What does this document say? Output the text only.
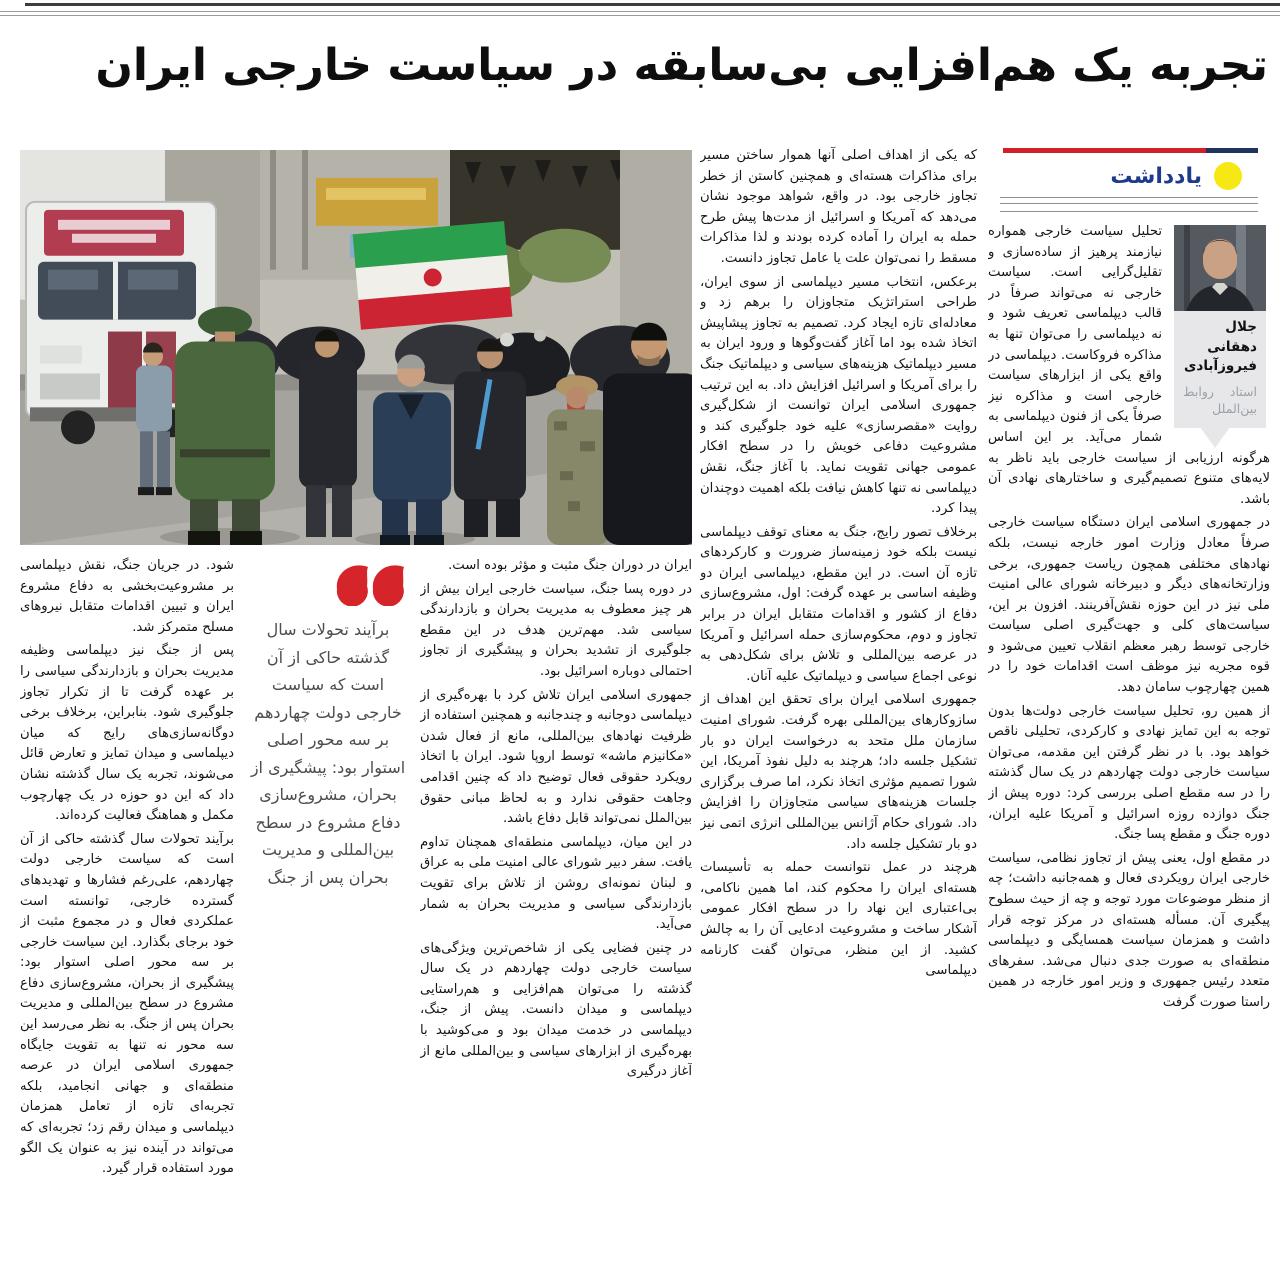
تجربه یک هم‌افزایی بی‌سابقه در سیاست خارجی ایران

که یکی از اهداف اصلی آنها هموار ساختن مسیر برای مذاکرات هسته‌ای و همچنین کاستن از خطر تجاوز خارجی بود. در واقع، شواهد موجود نشان می‌دهد که آمریکا و اسرائیل از مدت‌ها پیش طرح حمله به ایران را آماده کرده بودند و لذا مذاکرات مسقط را نمی‌توان علت یا عامل تجاوز دانست.

برعکس، انتخاب مسیر دیپلماسی از سوی ایران، طراحی استراتژیک متجاوزان را برهم زد و معادله‌ای تازه ایجاد کرد. تصمیم به تجاوز پیشاپیش اتخاذ شده بود اما آغاز گفت‌وگوها و ورود ایران به مسیر دیپلماتیک هزینه‌های سیاسی و دیپلماتیک جنگ را برای آمریکا و اسرائیل افزایش داد. به این ترتیب جمهوری اسلامی ایران توانست از شکل‌گیری روایت «مقصرسازی» علیه خود جلوگیری کند و مشروعیت دفاعی خویش را در سطح افکار عمومی جهانی تقویت نماید. با آغاز جنگ، نقش دیپلماسی نه تنها کاهش نیافت بلکه اهمیت دوچندان پیدا کرد.

برخلاف تصور رایج، جنگ به معنای توقف دیپلماسی نیست بلکه خود زمینه‌ساز ضرورت و کارکردهای تازه آن است. در این مقطع، دیپلماسی ایران دو وظیفه اساسی بر عهده گرفت: اول، مشروع‌سازی دفاع از کشور و اقدامات متقابل ایران در برابر تجاوز و دوم، محکوم‌سازی حمله اسرائیل و آمریکا در عرصه بین‌المللی و تلاش برای شکل‌دهی به نوعی اجماع سیاسی و دیپلماتیک علیه آنان.

جمهوری اسلامی ایران برای تحقق این اهداف از سازوکارهای بین‌المللی بهره گرفت. شورای امنیت سازمان ملل متحد به درخواست ایران دو بار تشکیل جلسه داد؛ هرچند به دلیل نفوذ آمریکا، این شورا تصمیم مؤثری اتخاذ نکرد، اما صرف برگزاری جلسات هزینه‌های سیاسی متجاوزان را افزایش داد. شورای حکام آژانس بین‌المللی انرژی اتمی نیز دو بار تشکیل جلسه داد.

هرچند در عمل نتوانست حمله به تأسیسات هسته‌ای ایران را محکوم کند، اما همین ناکامی، بی‌اعتباری این نهاد را در سطح افکار عمومی آشکار ساخت و مشروعیت ادعایی آن را به چالش کشید. از این منظر، می‌توان گفت کارنامه دیپلماسی

یادداشت
جلال دهقانی فیروزآبادی
استاد روابط بین‌الملل

تحلیل سیاست خارجی همواره نیازمند پرهیز از ساده‌سازی و تقلیل‌گرایی است. سیاست خارجی نه می‌تواند صرفاً در قالب دیپلماسی تعریف شود و نه دیپلماسی را می‌توان تنها به مذاکره فروکاست. دیپلماسی در واقع یکی از ابزارهای سیاست خارجی است و مذاکره نیز صرفاً یکی از فنون دیپلماسی به شمار می‌آید. بر این اساس هرگونه ارزیابی از سیاست خارجی باید ناظر به لایه‌های متنوع تصمیم‌گیری و ساختارهای نهادی آن باشد.

در جمهوری اسلامی ایران دستگاه سیاست خارجی صرفاً معادل وزارت امور خارجه نیست، بلکه نهادهای مختلفی همچون ریاست جمهوری، برخی وزارتخانه‌های دیگر و دبیرخانه شورای عالی امنیت ملی نیز در این حوزه نقش‌آفرینند. افزون بر این، سیاست‌های کلی و جهت‌گیری اصلی سیاست خارجی توسط رهبر معظم انقلاب تعیین می‌شود و قوه مجریه نیز موظف است اقدامات خود را در همین چهارچوب سامان دهد.

از همین رو، تحلیل سیاست خارجی دولت‌ها بدون توجه به این تمایز نهادی و کارکردی، تحلیلی ناقص خواهد بود. با در نظر گرفتن این مقدمه، می‌توان سیاست خارجی دولت چهاردهم در یک سال گذشته را در سه مقطع اصلی بررسی کرد: دوره پیش از جنگ دوازده روزه اسرائیل و آمریکا علیه ایران، دوره جنگ و مقطع پسا جنگ.

در مقطع اول، یعنی پیش از تجاوز نظامی، سیاست خارجی ایران رویکردی فعال و همه‌جانبه داشت؛ چه از منظر موضوعات مورد توجه و چه از حیث سطوح پیگیری آن. مسأله هسته‌ای در مرکز توجه قرار داشت و همزمان سیاست همسایگی و دیپلماسی منطقه‌ای به صورت جدی دنبال می‌شد. سفرهای متعدد رئیس جمهوری و وزیر امور خارجه در همین راستا صورت گرفت

ایران در دوران جنگ مثبت و مؤثر بوده است.

در دوره پسا جنگ، سیاست خارجی ایران بیش از هر چیز معطوف به مدیریت بحران و بازدارندگی سیاسی شد. مهم‌ترین هدف در این مقطع جلوگیری از تشدید بحران و پیشگیری از تجاوز احتمالی دوباره اسرائیل بود.

جمهوری اسلامی ایران تلاش کرد با بهره‌گیری از دیپلماسی دوجانبه و چندجانبه و همچنین استفاده از ظرفیت نهادهای بین‌المللی، مانع از فعال شدن «مکانیزم ماشه» توسط اروپا شود. ایران با اتخاذ رویکرد حقوقی فعال توضیح داد که چنین اقدامی وجاهت حقوقی ندارد و به لحاظ مبانی حقوق بین‌الملل نمی‌تواند قابل دفاع باشد.

در این میان، دیپلماسی منطقه‌ای همچنان تداوم یافت. سفر دبیر شورای عالی امنیت ملی به عراق و لبنان نمونه‌ای روشن از تلاش برای تقویت بازدارندگی سیاسی و مدیریت بحران به شمار می‌آید.

در چنین فضایی یکی از شاخص‌ترین ویژگی‌های سیاست خارجی دولت چهاردهم در یک سال گذشته را می‌توان هم‌افزایی و هم‌راستایی دیپلماسی و میدان دانست. پیش از جنگ، دیپلماسی در خدمت میدان بود و می‌کوشید با بهره‌گیری از ابزارهای سیاسی و بین‌المللی مانع از آغاز درگیری

برآیند تحولات سال گذشته حاکی از آن است که سیاست خارجی دولت چهاردهم بر سه محور اصلی استوار بود: پیشگیری از بحران، مشروع‌سازی دفاع مشروع در سطح بین‌المللی و مدیریت بحران پس از جنگ

شود. در جریان جنگ، نقش دیپلماسی بر مشروعیت‌بخشی به دفاع مشروع ایران و تبیین اقدامات متقابل نیروهای مسلح متمرکز شد.

پس از جنگ نیز دیپلماسی وظیفه مدیریت بحران و بازدارندگی سیاسی را بر عهده گرفت تا از تکرار تجاوز جلوگیری شود. بنابراین، برخلاف برخی دوگانه‌سازی‌های رایج که میان دیپلماسی و میدان تمایز و تعارض قائل می‌شوند، تجربه یک سال گذشته نشان داد که این دو حوزه در یک چهارچوب مکمل و هماهنگ فعالیت کرده‌اند.

برآیند تحولات سال گذشته حاکی از آن است که سیاست خارجی دولت چهاردهم، علی‌رغم فشارها و تهدیدهای گسترده خارجی، توانسته است عملکردی فعال و در مجموع مثبت از خود برجای بگذارد. این سیاست خارجی بر سه محور اصلی استوار بود: پیشگیری از بحران، مشروع‌سازی دفاع مشروع در سطح بین‌المللی و مدیریت بحران پس از جنگ. به نظر می‌رسد این سه محور نه تنها به تقویت جایگاه جمهوری اسلامی ایران در عرصه منطقه‌ای و جهانی انجامید، بلکه تجربه‌ای تازه از تعامل همزمان دیپلماسی و میدان رقم زد؛ تجربه‌ای که می‌تواند در آینده نیز به عنوان یک الگو مورد استفاده قرار گیرد.
